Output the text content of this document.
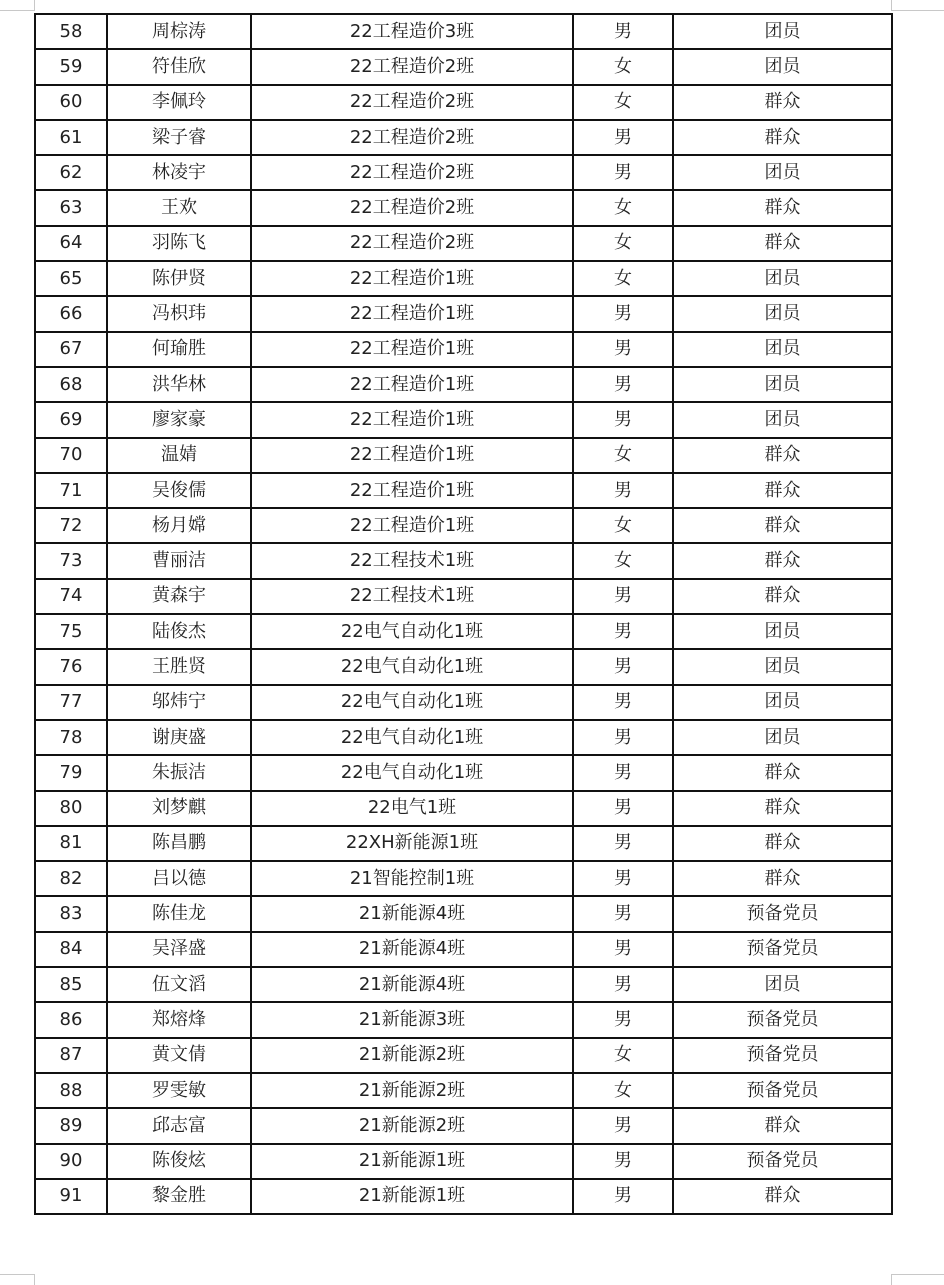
58	周棕涛	22工程造价3班	男	团员
59	符佳欣	22工程造价2班	女	团员
60	李佩玲	22工程造价2班	女	群众
61	梁子睿	22工程造价2班	男	群众
62	林凌宇	22工程造价2班	男	团员
63	王欢	22工程造价2班	女	群众
64	羽陈飞	22工程造价2班	女	群众
65	陈伊贤	22工程造价1班	女	团员
66	冯枳玮	22工程造价1班	男	团员
67	何瑜胜	22工程造价1班	男	团员
68	洪华林	22工程造价1班	男	团员
69	廖家豪	22工程造价1班	男	团员
70	温婧	22工程造价1班	女	群众
71	吴俊儒	22工程造价1班	男	群众
72	杨月嫦	22工程造价1班	女	群众
73	曹丽洁	22工程技术1班	女	群众
74	黄森宇	22工程技术1班	男	群众
75	陆俊杰	22电气自动化1班	男	团员
76	王胜贤	22电气自动化1班	男	团员
77	邬炜宁	22电气自动化1班	男	团员
78	谢庚盛	22电气自动化1班	男	团员
79	朱振洁	22电气自动化1班	男	群众
80	刘梦麒	22电气1班	男	群众
81	陈昌鹏	22XH新能源1班	男	群众
82	吕以德	21智能控制1班	男	群众
83	陈佳龙	21新能源4班	男	预备党员
84	吴泽盛	21新能源4班	男	预备党员
85	伍文滔	21新能源4班	男	团员
86	郑熔烽	21新能源3班	男	预备党员
87	黄文倩	21新能源2班	女	预备党员
88	罗雯敏	21新能源2班	女	预备党员
89	邱志富	21新能源2班	男	群众
90	陈俊炫	21新能源1班	男	预备党员
91	黎金胜	21新能源1班	男	群众
